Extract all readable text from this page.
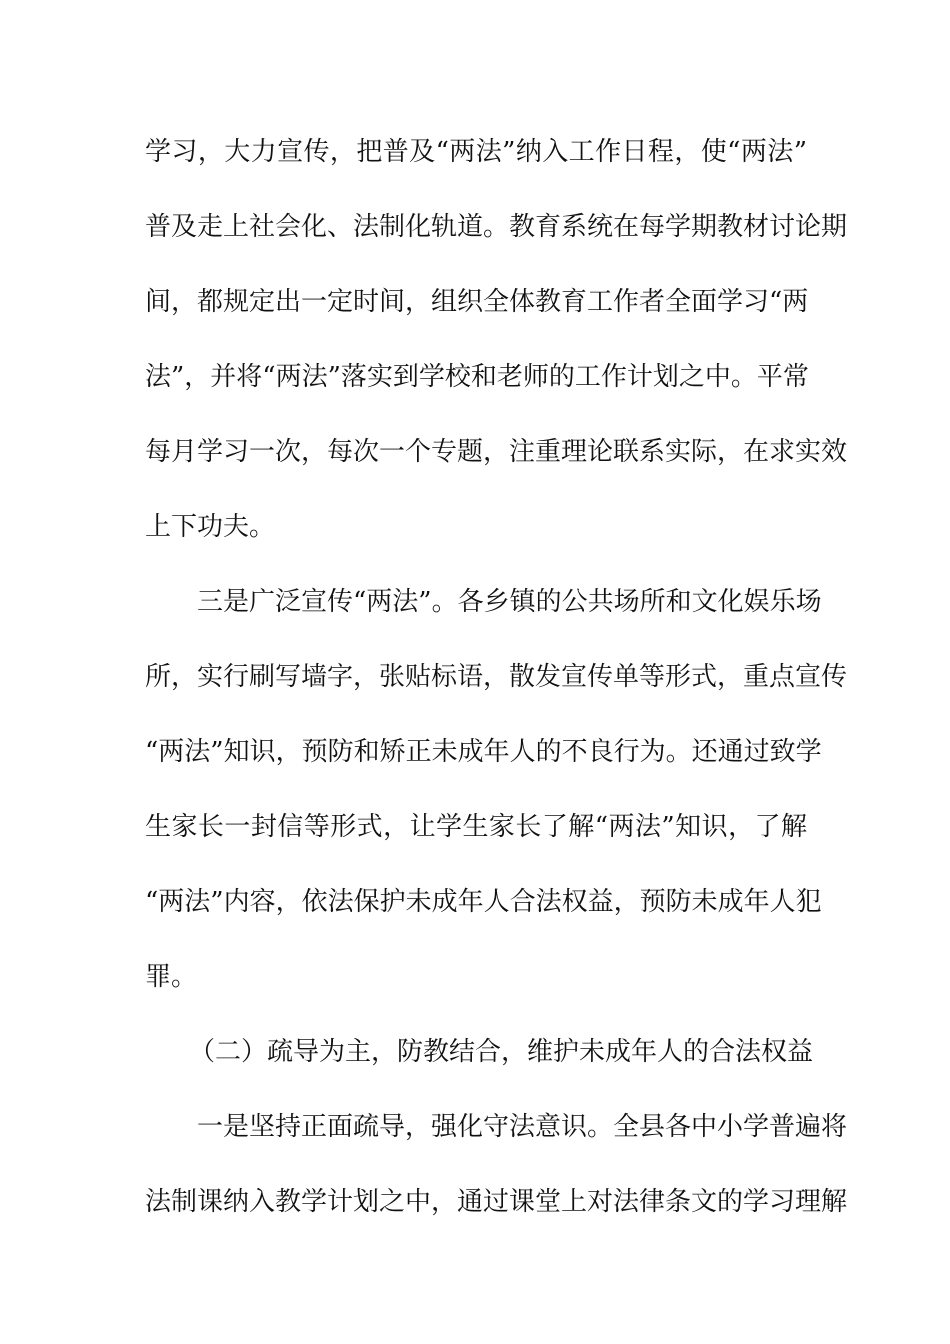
学习，大力宣传，把普及“两法”纳入工作日程，使“两法”
普及走上社会化、法制化轨道。教育系统在每学期教材讨论期
间，都规定出一定时间，组织全体教育工作者全面学习“两
法”，并将“两法”落实到学校和老师的工作计划之中。平常
每月学习一次，每次一个专题，注重理论联系实际，在求实效
上下功夫。
三是广泛宣传“两法”。各乡镇的公共场所和文化娱乐场
所，实行刷写墙字，张贴标语，散发宣传单等形式，重点宣传
“两法”知识，预防和矫正未成年人的不良行为。还通过致学
生家长一封信等形式，让学生家长了解“两法”知识，了解
“两法”内容，依法保护未成年人合法权益，预防未成年人犯
罪。
（二）疏导为主，防教结合，维护未成年人的合法权益
一是坚持正面疏导，强化守法意识。全县各中小学普遍将
法制课纳入教学计划之中，通过课堂上对法律条文的学习理解
